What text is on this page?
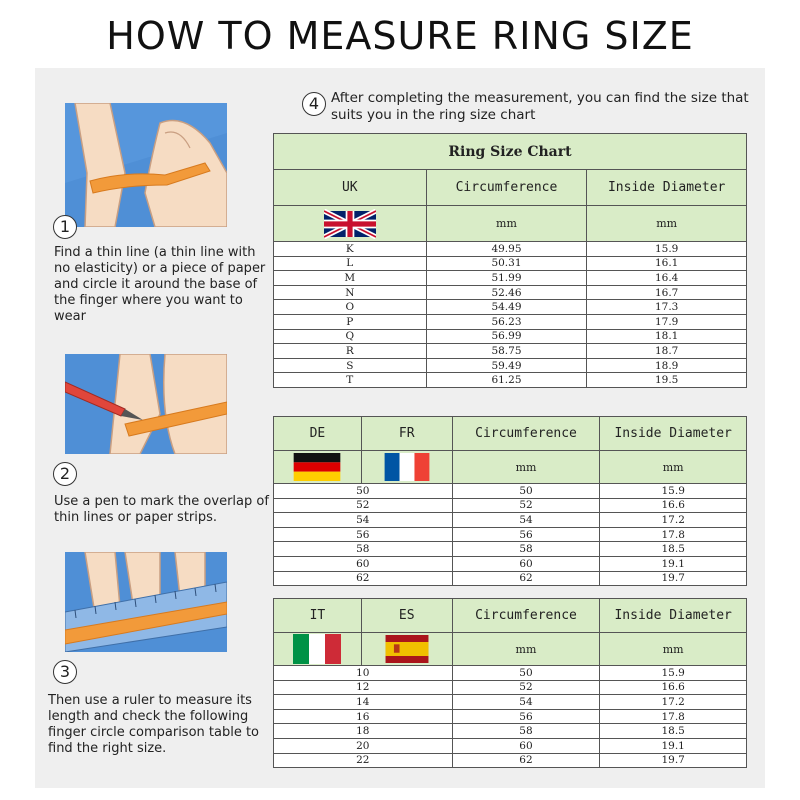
HOW TO MEASURE RING SIZE
1
Find a thin line (a thin line with no elasticity) or a piece of paper and circle it around the base of the finger where you want to wear
2
Use a pen to mark the overlap of thin lines or paper strips.
3
Then use a ruler to measure its length and check the following finger circle comparison table to find the right size.
4 After completing the measurement, you can find the size that suits you in the ring size chart
Ring Size Chart		
UK	Circumference	Inside Diameter
	mm	mm
K	49.95	15.9
L	50.31	16.1
M	51.99	16.4
N	52.46	16.7
O	54.49	17.3
P	56.23	17.9
Q	56.99	18.1
R	58.75	18.7
S	59.49	18.9
T	61.25	19.5
DE	FR	Circumference	Inside Diameter
		mm	mm
50		50	15.9
52		52	16.6
54		54	17.2
56		56	17.8
58		58	18.5
60		60	19.1
62		62	19.7
IT	ES	Circumference	Inside Diameter
		mm	mm
10		50	15.9
12		52	16.6
14		54	17.2
16		56	17.8
18		58	18.5
20		60	19.1
22		62	19.7
